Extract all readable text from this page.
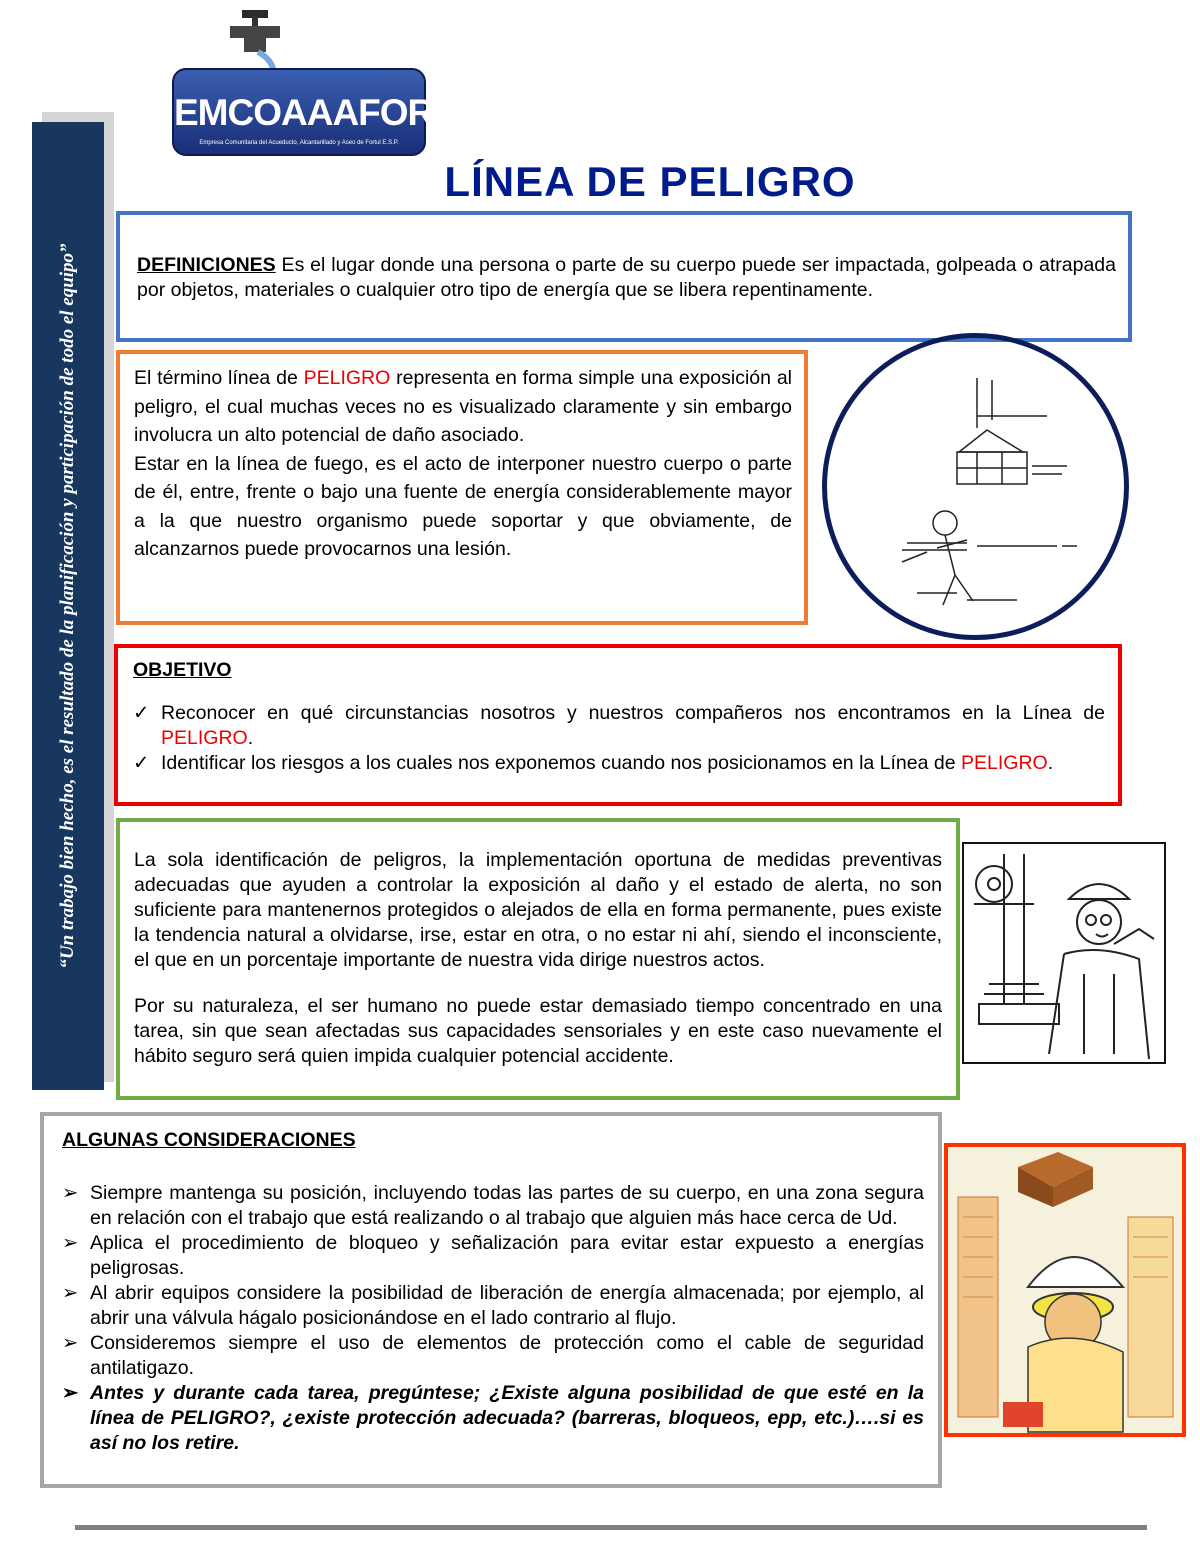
“Un trabajo bien hecho, es el resultado de la planificación y participación de todo el equipo”
EMCOAAAFOR
Empresa Comunitaria del Acueducto, Alcantarillado y Aseo de Fortul E.S.P.
LÍNEA DE PELIGRO
DEFINICIONES Es el lugar donde una persona o parte de su cuerpo puede ser impactada, golpeada o atrapada por objetos, materiales o cualquier otro tipo de energía que se libera repentinamente.
El término línea de PELIGRO representa en forma simple una exposición al peligro, el cual muchas veces no es visualizado claramente y sin embargo involucra un alto potencial de daño asociado.
Estar en la línea de fuego, es el acto de interponer nuestro cuerpo o parte de él, entre, frente o bajo una fuente de energía considerablemente mayor a la que nuestro organismo puede soportar y que obviamente, de alcanzarnos puede provocarnos una lesión.
OBJETIVO
✓ Reconocer en qué circunstancias nosotros y nuestros compañeros nos encontramos en la Línea de PELIGRO.
✓ Identificar los riesgos a los cuales nos exponemos cuando nos posicionamos en la Línea de PELIGRO.
La sola identificación de peligros, la implementación oportuna de medidas preventivas adecuadas que ayuden a controlar la exposición al daño y el estado de alerta, no son suficiente para mantenernos protegidos o alejados de ella en forma permanente, pues existe la tendencia natural a olvidarse, irse, estar en otra, o no estar ni ahí, siendo el inconsciente, el que en un porcentaje importante de nuestra vida dirige nuestros actos.
Por su naturaleza, el ser humano no puede estar demasiado tiempo concentrado en una tarea, sin que sean afectadas sus capacidades sensoriales y en este caso nuevamente el hábito seguro será quien impida cualquier potencial accidente.
ALGUNAS CONSIDERACIONES
➢ Siempre mantenga su posición, incluyendo todas las partes de su cuerpo, en una zona segura en relación con el trabajo que está realizando o al trabajo que alguien más hace cerca de Ud.
➢ Aplica el procedimiento de bloqueo y señalización para evitar estar expuesto a energías peligrosas.
➢ Al abrir equipos considere la posibilidad de liberación de energía almacenada; por ejemplo, al abrir una válvula hágalo posicionándose en el lado contrario al flujo.
➢ Consideremos siempre el uso de elementos de protección como el cable de seguridad antilatigazo.
➢ Antes y durante cada tarea, pregúntese; ¿Existe alguna posibilidad de que esté en la línea de PELIGRO?, ¿existe protección adecuada? (barreras, bloqueos, epp, etc.)….si es así no los retire.
